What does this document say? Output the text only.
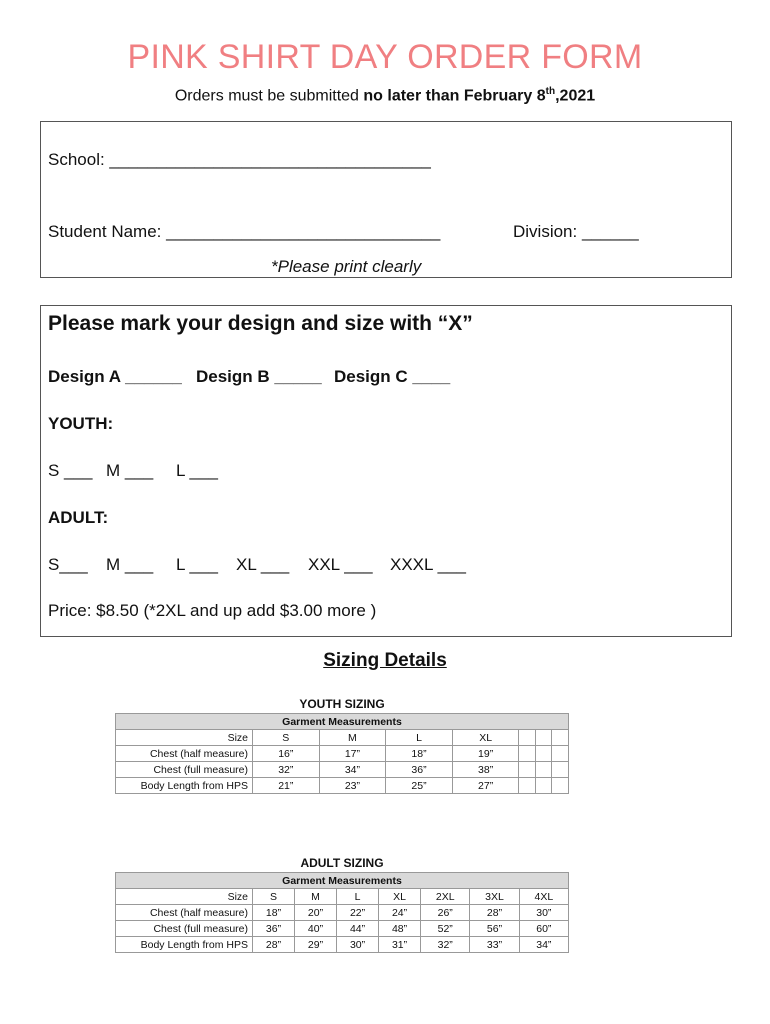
PINK SHIRT DAY ORDER FORM
Orders must be submitted no later than February 8th,2021
School: __________________________________
Student Name: _____________________________	Division: ______
*Please print clearly
Please mark your design and size with “X”
Design A ______ Design B _____ Design C ____
YOUTH:
S ___ M ___ L ___
ADULT:
S___ M ___ L ___ XL ___ XXL ___ XXXL ___
Price: $8.50 (*2XL and up add $3.00 more )
Sizing Details
YOUTH SIZING
Garment Measurements							
Size	S	M	L	XL			
Chest (half measure)	16”	17”	18”	19”			
Chest (full measure)	32”	34”	36”	38”			
Body Length from HPS	21”	23”	25”	27”			
ADULT SIZING
Garment Measurements							
Size	S	M	L	XL	2XL	3XL	4XL
Chest (half measure)	18”	20”	22”	24”	26”	28”	30”
Chest (full measure)	36”	40”	44”	48”	52”	56”	60”
Body Length from HPS	28”	29”	30”	31”	32”	33”	34”
